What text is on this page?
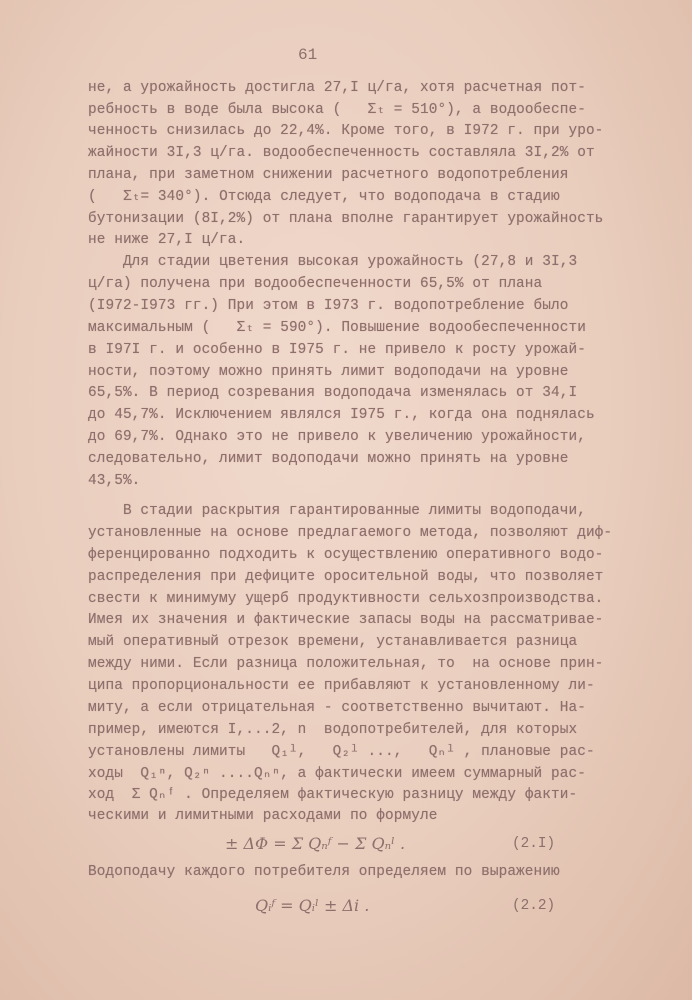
61
не, а урожайность достигла 27,I ц/га, хотя расчетная пот-
ребность в воде была высока (   Σₜ = 510°), а водообеспе-
ченность снизилась до 22,4%. Кроме того, в I972 г. при уро-
жайности 3I,3 ц/га. водообеспеченность составляла 3I,2% от
плана, при заметном снижении расчетного водопотребления
(   Σₜ= 340°). Отсюда следует, что водоподача в стадию
бутонизации (8I,2%) от плана вполне гарантирует урожайность
не ниже 27,I ц/га.
Для стадии цветения высокая урожайность (27,8 и 3I,3
ц/га) получена при водообеспеченности 65,5% от плана
(I972-I973 гг.) При этом в I973 г. водопотребление было
максимальным (   Σₜ = 590°). Повышение водообеспеченности
в I97I г. и особенно в I975 г. не привело к росту урожай-
ности, поэтому можно принять лимит водоподачи на уровне
65,5%. В период созревания водоподача изменялась от 34,I
до 45,7%. Исключением являлся I975 г., когда она поднялась
до 69,7%. Однако это не привело к увеличению урожайности,
следовательно, лимит водоподачи можно принять на уровне
43,5%.
В стадии раскрытия гарантированные лимиты водоподачи,
установленные на основе предлагаемого метода, позволяют диф-
ференцированно подходить к осуществлению оперативного водо-
распределения при дефиците оросительной воды, что позволяет
свести к минимуму ущерб продуктивности сельхозпроизводства.
Имея их значения и фактические запасы воды на рассматривае-
мый оперативный отрезок времени, устанавливается разница
между ними. Если разница положительная, то  на основе прин-
ципа пропорциональности ее прибавляют к установленному ли-
миту, а если отрицательная - соответственно вычитают. На-
пример, имеются I,...2, n  водопотребителей, для которых
установлены лимиты   Q₁ˡ,   Q₂ˡ ...,   Qₙˡ , плановые рас-
ходы  Q₁ⁿ, Q₂ⁿ ....Qₙⁿ, а фактически имеем суммарный рас-
ход  Σ Qₙᶠ . Определяем фактическую разницу между факти-
ческими и лимитными расходами по формуле
Водоподачу каждого потребителя определяем по выражению
± ΔΦ = Σ Qₙᶠ − Σ Qₙˡ .	(2.I)
Qᵢᶠ = Qᵢˡ ± Δi .	(2.2)
